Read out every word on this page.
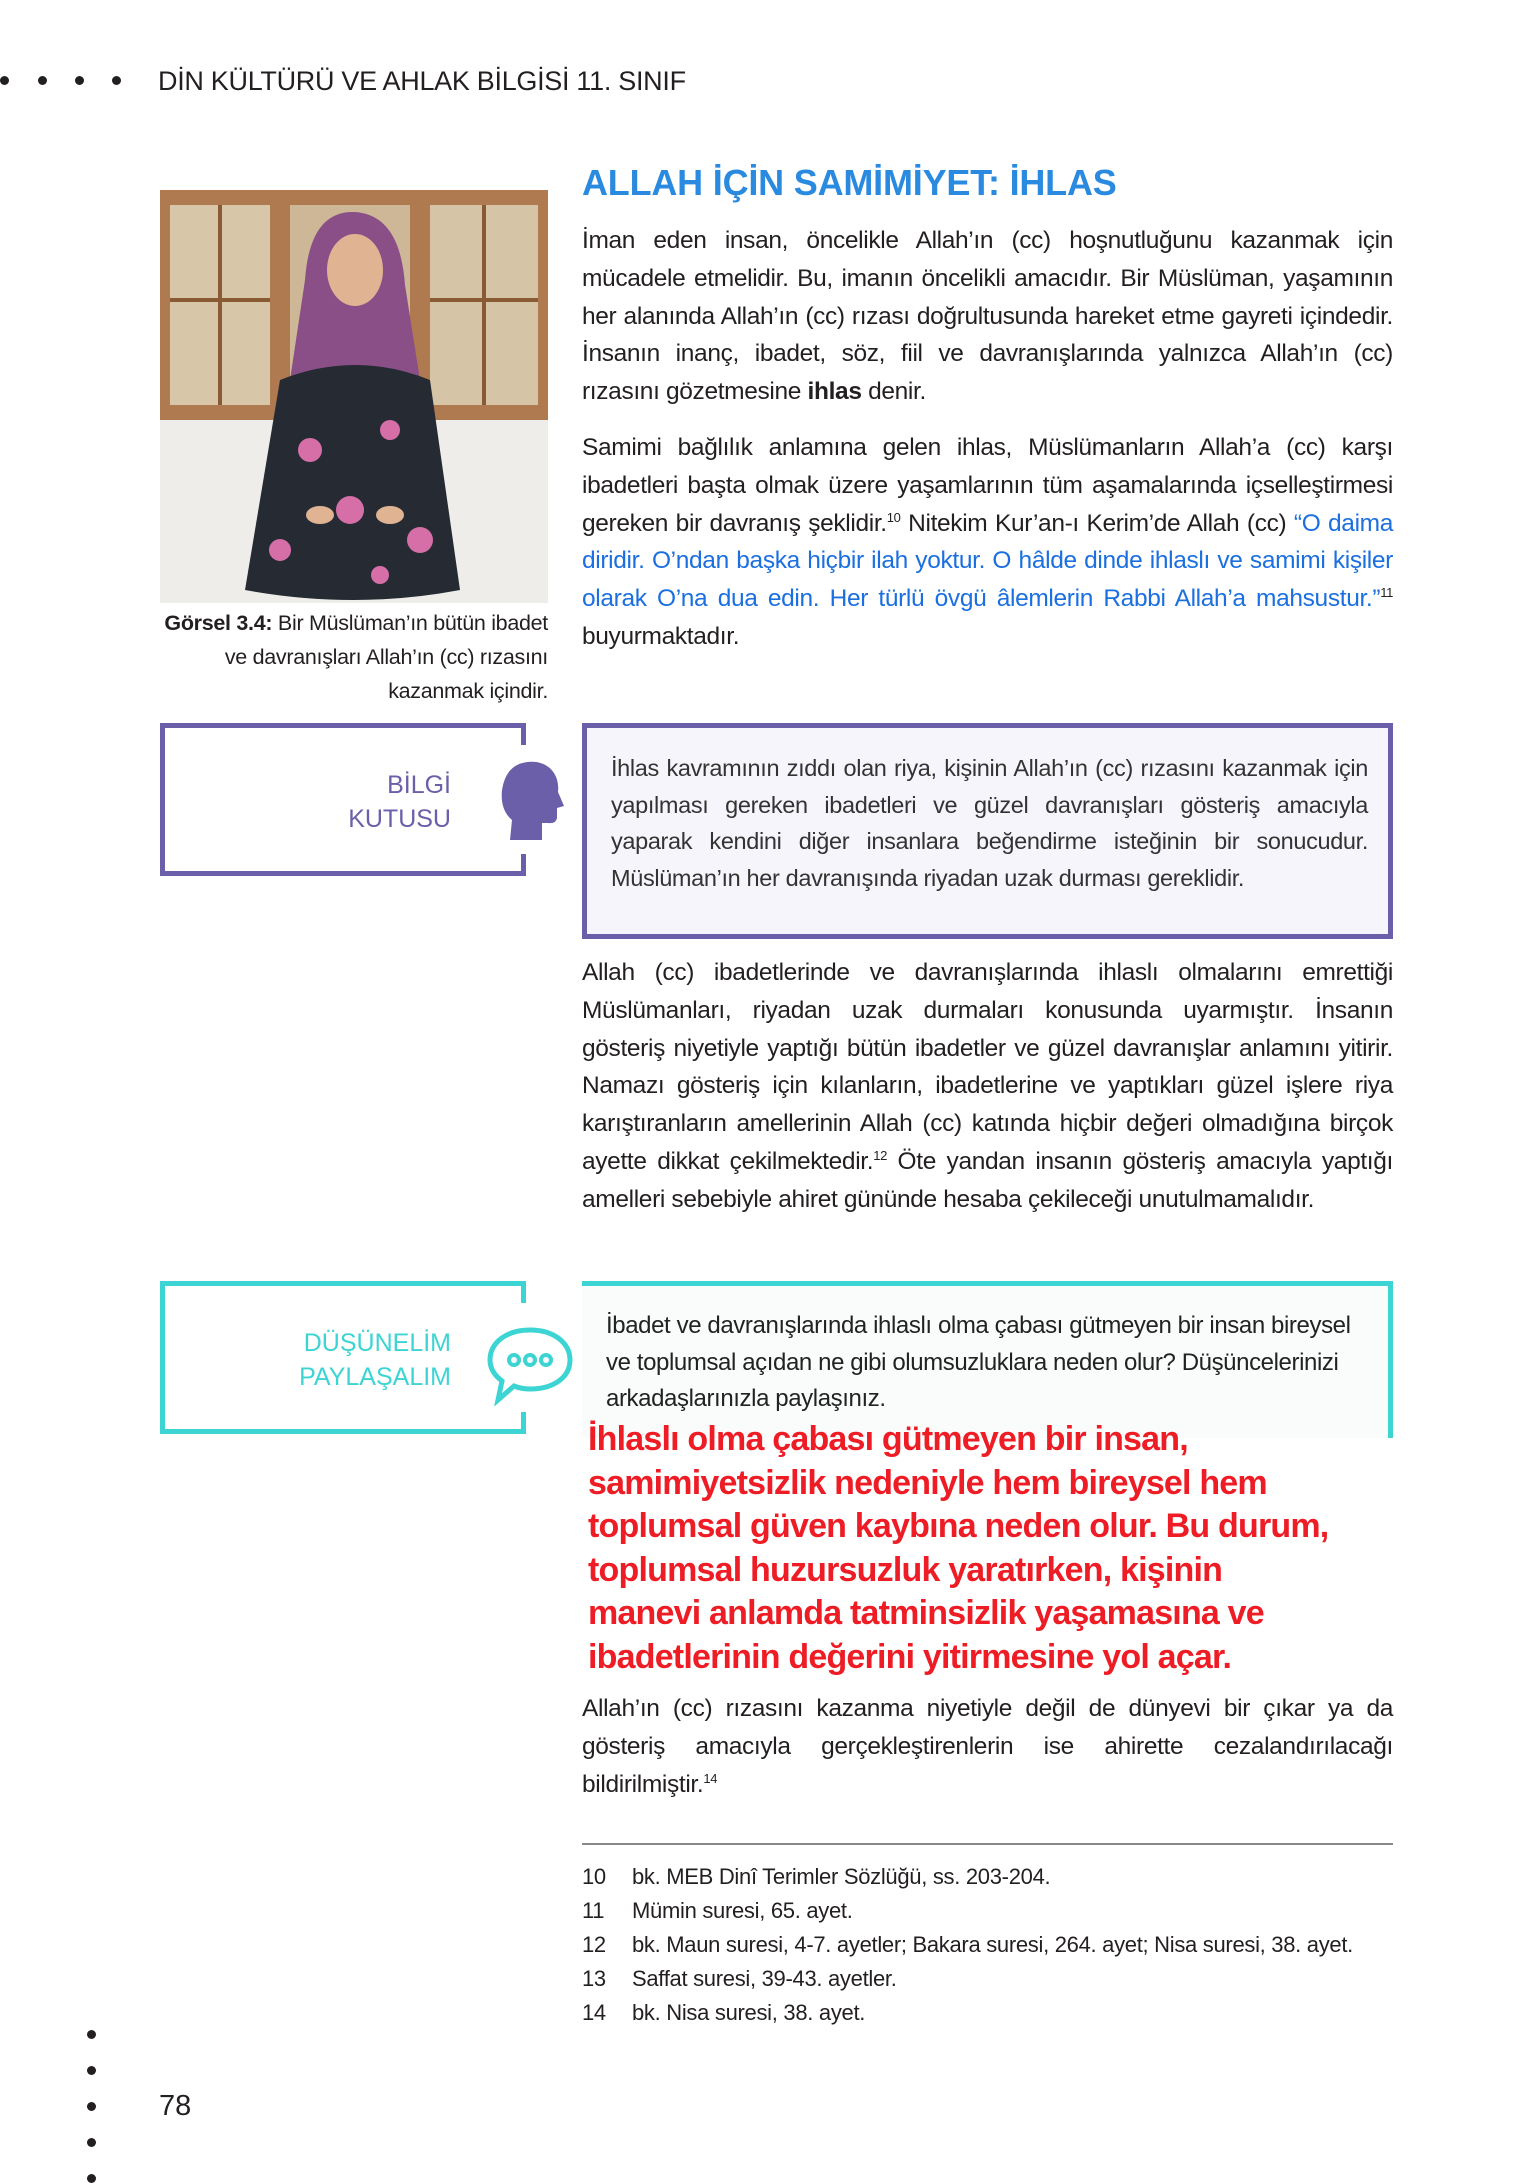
DİN KÜLTÜRÜ VE AHLAK BİLGİSİ 11. SINIF
Görsel 3.4: Bir Müslüman’ın bütün ibadet ve davranışları Allah’ın (cc) rızasını kazanmak içindir.
ALLAH İÇİN SAMİMİYET: İHLAS
İman eden insan, öncelikle Allah’ın (cc) hoşnutluğunu kazanmak için mücadele etmelidir. Bu, imanın öncelikli amacıdır. Bir Müslüman, yaşamının her alanında Allah’ın (cc) rızası doğrultusunda hareket etme gayreti içindedir. İnsanın inanç, ibadet, söz, fiil ve davranışlarında yalnızca Allah’ın (cc) rızasını gözetmesine ihlas denir.
Samimi bağlılık anlamına gelen ihlas, Müslümanların Allah’a (cc) karşı ibadetleri başta olmak üzere yaşamlarının tüm aşamalarında içselleştirmesi gereken bir davranış şeklidir.$^{10}$ Nitekim Kur’an-ı Kerim’de Allah (cc) “O daima diridir. O’ndan başka hiçbir ilah yoktur. O hâlde dinde ihlaslı ve samimi kişiler olarak O’na dua edin. Her türlü övgü âlemlerin Rabbi Allah’a mahsustur.”$^{11}$ buyurmaktadır.
BİLGİ
KUTUSU
İhlas kavramının zıddı olan riya, kişinin Allah’ın (cc) rızasını kazanmak için yapılması gereken ibadetleri ve güzel davranışları gösteriş amacıyla yaparak kendini diğer insanlara beğendirme isteğinin bir sonucudur. Müslüman’ın her davranışında riyadan uzak durması gereklidir.
Allah (cc) ibadetlerinde ve davranışlarında ihlaslı olmalarını emrettiği Müslümanları, riyadan uzak durmaları konusunda uyarmıştır. İnsanın gösteriş niyetiyle yaptığı bütün ibadetler ve güzel davranışlar anlamını yitirir. Namazı gösteriş için kılanların, ibadetlerine ve yaptıkları güzel işlere riya karıştıranların amellerinin Allah (cc) katında hiçbir değeri olmadığına birçok ayette dikkat çekilmektedir.$^{12}$ Öte yandan insanın gösteriş amacıyla yaptığı amelleri sebebiyle ahiret gününde hesaba çekileceği unutulmamalıdır.
DÜŞÜNELİM
PAYLAŞALIM
İbadet ve davranışlarında ihlaslı olma çabası gütmeyen bir insan bireysel ve toplumsal açıdan ne gibi olumsuzluklara neden olur? Düşüncelerinizi arkadaşlarınızla paylaşınız.
İhlaslı olma çabası gütmeyen bir insan,
samimiyetsizlik nedeniyle hem bireysel hem
toplumsal güven kaybına neden olur. Bu durum,
toplumsal huzursuzluk yaratırken, kişinin
manevi anlamda tatminsizlik yaşamasına ve
ibadetlerinin değerini yitirmesine yol açar.
Allah’ın (cc) rızasını kazanma niyetiyle değil de dünyevi bir çıkar ya da gösteriş amacıyla gerçekleştirenlerin ise ahirette cezalandırılacağı bildirilmiştir.$^{14}$
10	bk. MEB Dinî Terimler Sözlüğü, ss. 203-204.
11	Mümin suresi, 65. ayet.
12	bk. Maun suresi, 4-7. ayetler; Bakara suresi, 264. ayet; Nisa suresi, 38. ayet.
13	Saffat suresi, 39-43. ayetler.
14	bk. Nisa suresi, 38. ayet.
78
